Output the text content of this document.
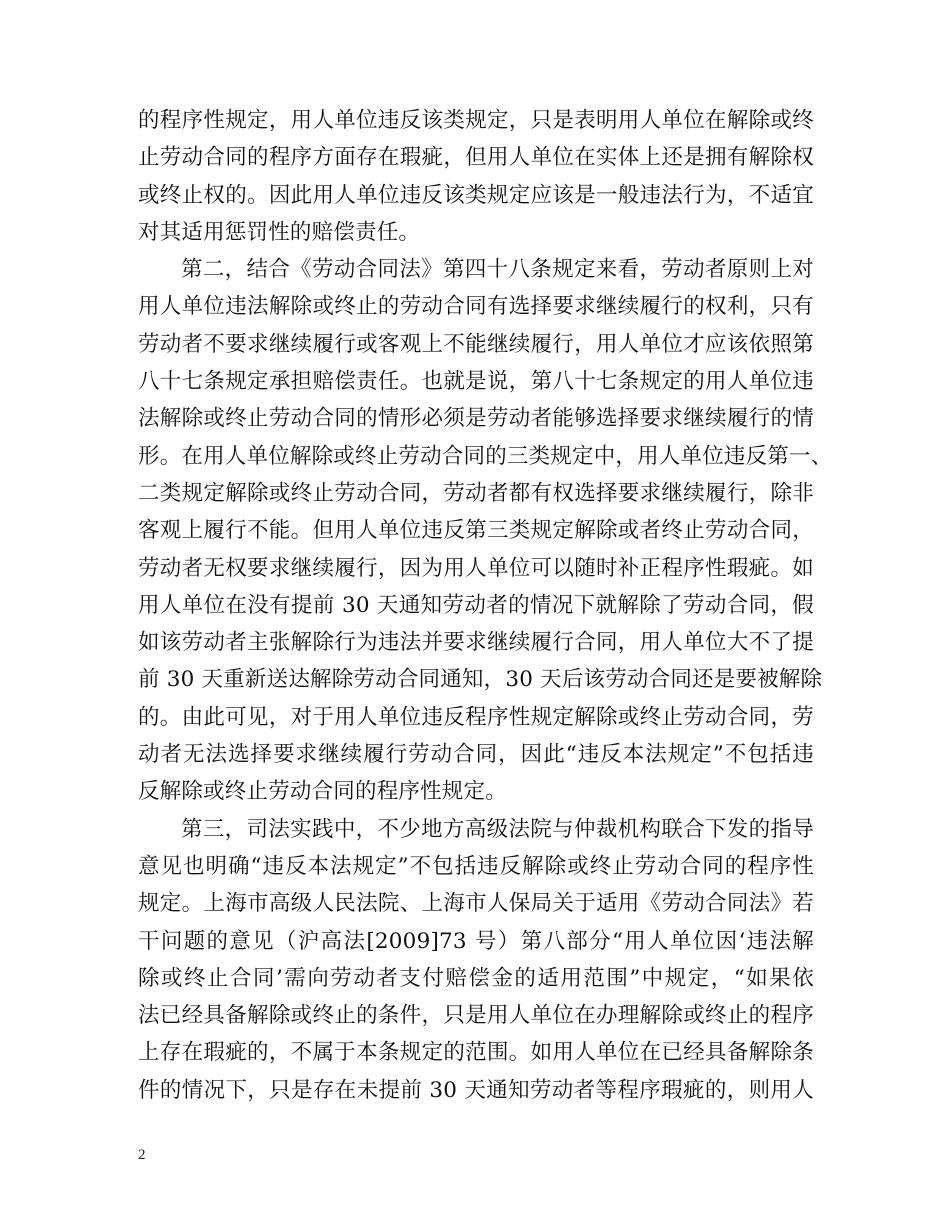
的程序性规定，用人单位违反该类规定，只是表明用人单位在解除或终
止劳动合同的程序方面存在瑕疵，但用人单位在实体上还是拥有解除权
或终止权的。因此用人单位违反该类规定应该是一般违法行为，不适宜
对其适用惩罚性的赔偿责任。

第二，结合《劳动合同法》第四十八条规定来看，劳动者原则上对
用人单位违法解除或终止的劳动合同有选择要求继续履行的权利，只有
劳动者不要求继续履行或客观上不能继续履行，用人单位才应该依照第
八十七条规定承担赔偿责任。也就是说，第八十七条规定的用人单位违
法解除或终止劳动合同的情形必须是劳动者能够选择要求继续履行的情
形。在用人单位解除或终止劳动合同的三类规定中，用人单位违反第一、
二类规定解除或终止劳动合同，劳动者都有权选择要求继续履行，除非
客观上履行不能。但用人单位违反第三类规定解除或者终止劳动合同，
劳动者无权要求继续履行，因为用人单位可以随时补正程序性瑕疵。如
用人单位在没有提前 30 天通知劳动者的情况下就解除了劳动合同，假
如该劳动者主张解除行为违法并要求继续履行合同，用人单位大不了提
前 30 天重新送达解除劳动合同通知，30 天后该劳动合同还是要被解除
的。由此可见，对于用人单位违反程序性规定解除或终止劳动合同，劳
动者无法选择要求继续履行劳动合同，因此“违反本法规定”不包括违
反解除或终止劳动合同的程序性规定。

第三，司法实践中，不少地方高级法院与仲裁机构联合下发的指导
意见也明确“违反本法规定”不包括违反解除或终止劳动合同的程序性
规定。上海市高级人民法院、上海市人保局关于适用《劳动合同法》若
干问题的意见（沪高法[2009]73 号）第八部分“用人单位因‘违法解
除或终止合同’需向劳动者支付赔偿金的适用范围”中规定，“如果依
法已经具备解除或终止的条件，只是用人单位在办理解除或终止的程序
上存在瑕疵的，不属于本条规定的范围。如用人单位在已经具备解除条
件的情况下，只是存在未提前 30 天通知劳动者等程序瑕疵的，则用人

2
